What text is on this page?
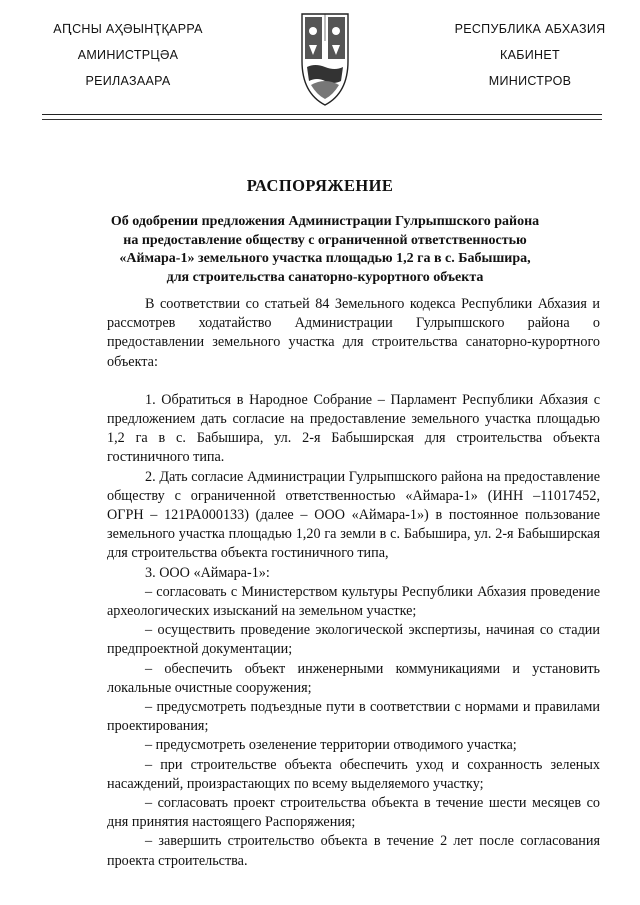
АԤСНЫ АҲӘЫНҬҚАРРА
АМИНИСТРЦӘА
РЕИЛАЗААРА
РЕСПУБЛИКА АБХАЗИЯ
КАБИНЕТ
МИНИСТРОВ
РАСПОРЯЖЕНИЕ
Об одобрении предложения Администрации Гулрыпшского района
на предоставление обществу с ограниченной ответственностью
«Аймара-1» земельного участка площадью 1,2 га в с. Бабышира,
для строительства санаторно-курортного объекта

В соответствии со статьей 84 Земельного кодекса Республики Абхазия и рассмотрев ходатайство Администрации Гулрыпшского района о предоставлении земельного участка для строительства санаторно-курортного объекта:

1. Обратиться в Народное Собрание – Парламент Республики Абхазия с предложением дать согласие на предоставление земельного участка площадью 1,2 га в с. Бабышира, ул. 2-я Бабыширская для строительства объекта гостиничного типа.

2. Дать согласие Администрации Гулрыпшского района на предоставление обществу с ограниченной ответственностью «Аймара-1» (ИНН –11017452, ОГРН – 121РА000133) (далее – ООО «Аймара-1») в постоянное пользование земельного участка площадью 1,20 га земли в с. Бабышира, ул. 2-я Бабыширская для строительства объекта гостиничного типа,

3. ООО «Аймара-1»:

– согласовать с Министерством культуры Республики Абхазия проведение археологических изысканий на земельном участке;

– осуществить проведение экологической экспертизы, начиная со стадии предпроектной документации;

– обеспечить объект инженерными коммуникациями и установить локальные очистные сооружения;

– предусмотреть подъездные пути в соответствии с нормами и правилами проектирования;

– предусмотреть озеленение территории отводимого участка;

– при строительстве объекта обеспечить уход и сохранность зеленых насаждений, произрастающих по всему выделяемого участку;

– согласовать проект строительства объекта в течение шести месяцев со дня принятия настоящего Распоряжения;

– завершить строительство объекта в течение 2 лет после согласования проекта строительства.
